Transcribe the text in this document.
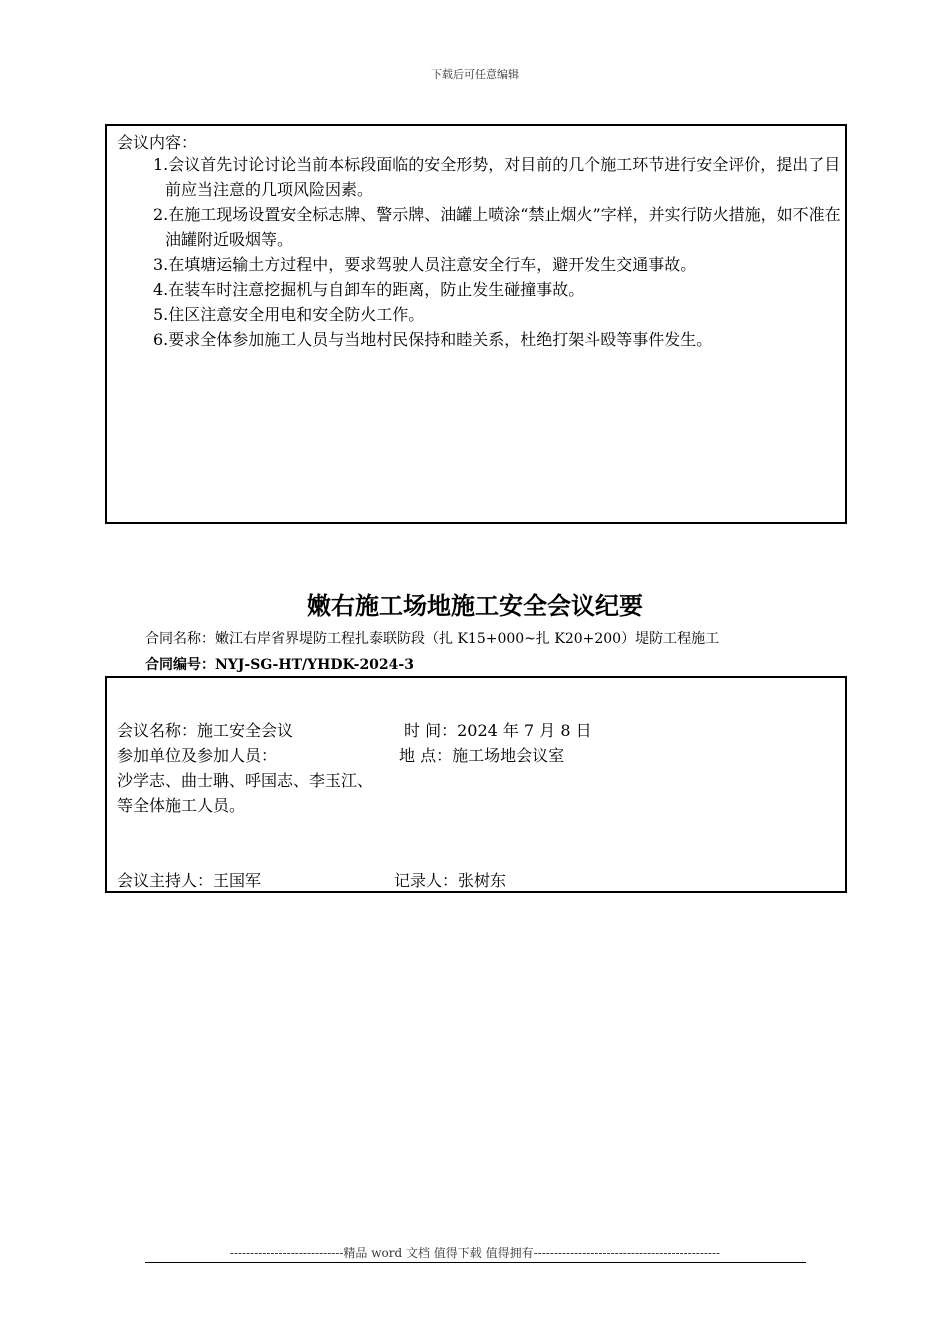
下载后可任意编辑
会议内容：
1.会议首先讨论讨论当前本标段面临的安全形势，对目前的几个施工环节进行安全评价，提出了目前应当注意的几项风险因素。
2.在施工现场设置安全标志牌、警示牌、油罐上喷涂“禁止烟火”字样，并实行防火措施，如不准在油罐附近吸烟等。
3.在填塘运输土方过程中，要求驾驶人员注意安全行车，避开发生交通事故。
4.在装车时注意挖掘机与自卸车的距离，防止发生碰撞事故。
5.住区注意安全用电和安全防火工作。
6.要求全体参加施工人员与当地村民保持和睦关系，杜绝打架斗殴等事件发生。
嫩右施工场地施工安全会议纪要
合同名称：嫩江右岸省界堤防工程扎泰联防段（扎 K15+000~扎 K20+200）堤防工程施工
合同编号：NYJ-SG-HT/YHDK-2024-3
会议名称：施工安全会议	时 间：2024 年 7 月 8 日
参加单位及参加人员：	地 点：施工场地会议室
沙学志、曲士聃、呼国志、李玉江、
等全体施工人员。
会议主持人：王国军	记录人：张树东
----------------------------精品 word 文档 值得下载 值得拥有----------------------------------------------
